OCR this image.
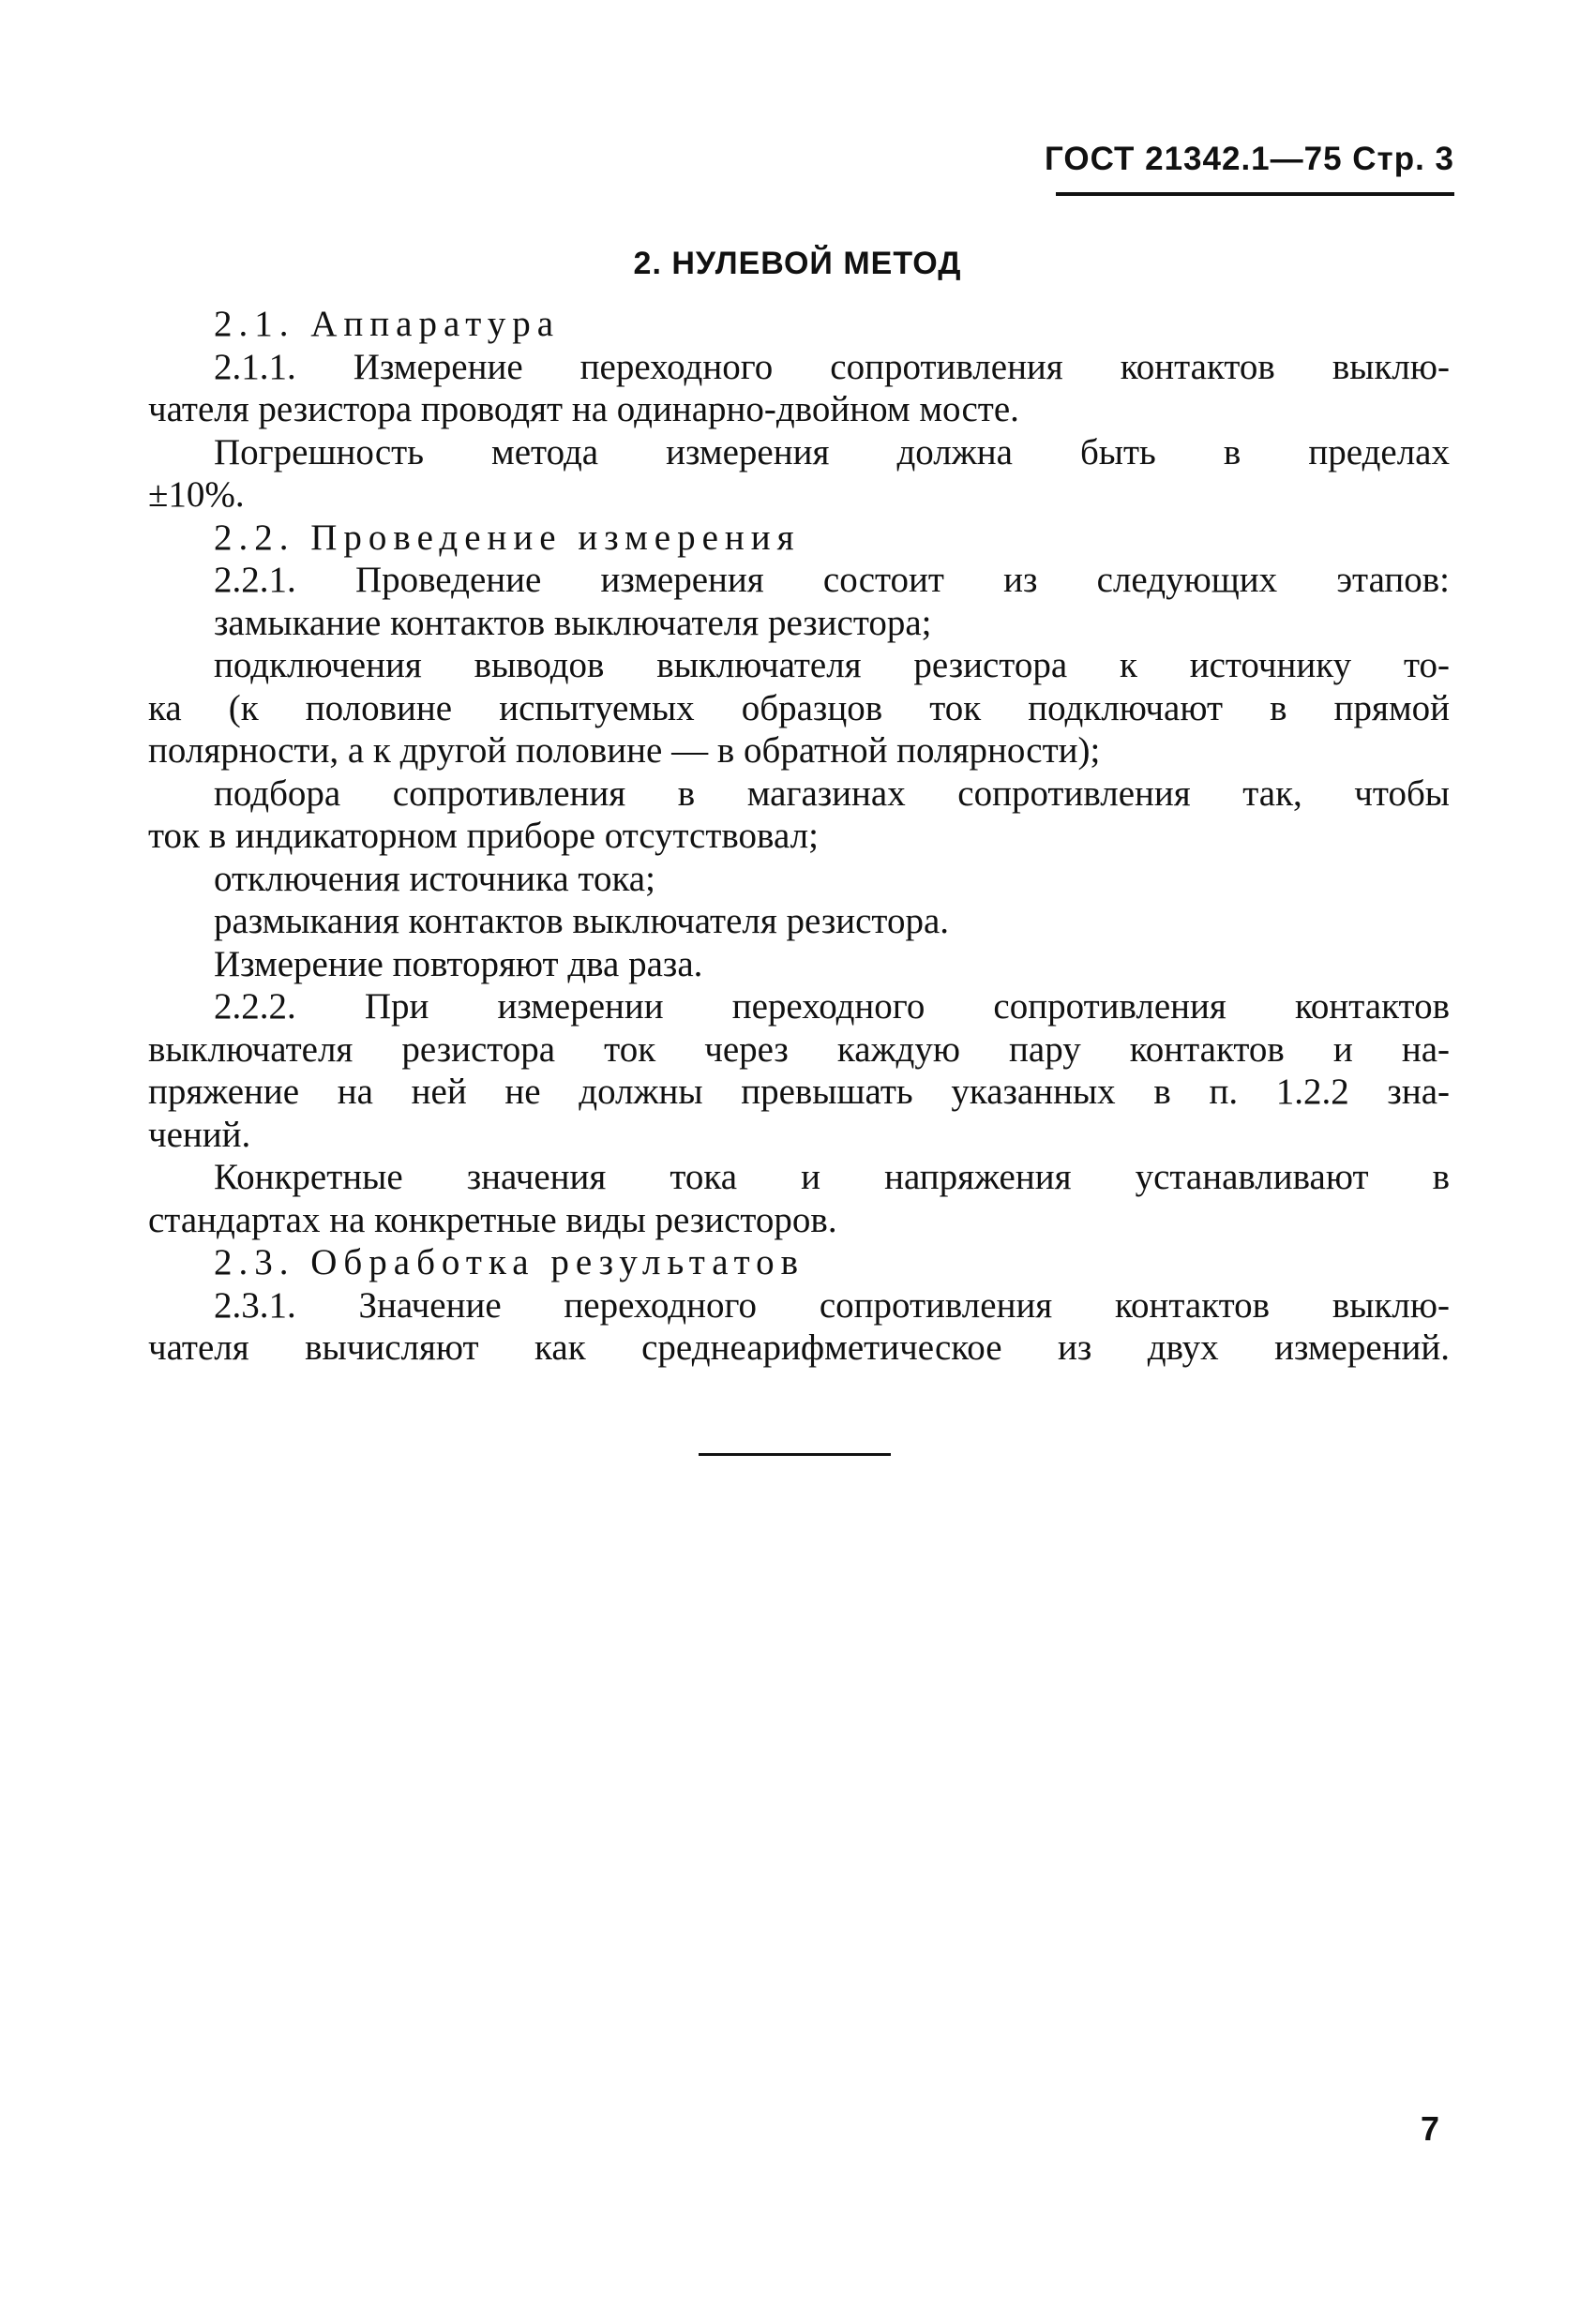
ГОСТ 21342.1—75 Стр. 3
2. НУЛЕВОЙ МЕТОД
2.1. Аппаратура
2.1.1. Измерение переходного сопротивления контактов выклю-
чателя резистора проводят на одинарно-двойном мосте.
Погрешность метода измерения должна быть в пределах
±10%.
2.2. Проведение измерения
2.2.1. Проведение измерения состоит из следующих этапов:
замыкание контактов выключателя резистора;
подключения выводов выключателя резистора к источнику то-
ка (к половине испытуемых образцов ток подключают в прямой
полярности, а к другой половине — в обратной полярности);
подбора сопротивления в магазинах сопротивления так, чтобы
ток в индикаторном приборе отсутствовал;
отключения источника тока;
размыкания контактов выключателя резистора.
Измерение повторяют два раза.
2.2.2. При измерении переходного сопротивления контактов
выключателя резистора ток через каждую пару контактов и на-
пряжение на ней не должны превышать указанных в п. 1.2.2 зна-
чений.
Конкретные значения тока и напряжения устанавливают в
стандартах на конкретные виды резисторов.
2.3. Обработка результатов
2.3.1. Значение переходного сопротивления контактов выклю-
чателя вычисляют как среднеарифметическое из двух измерений.
7
